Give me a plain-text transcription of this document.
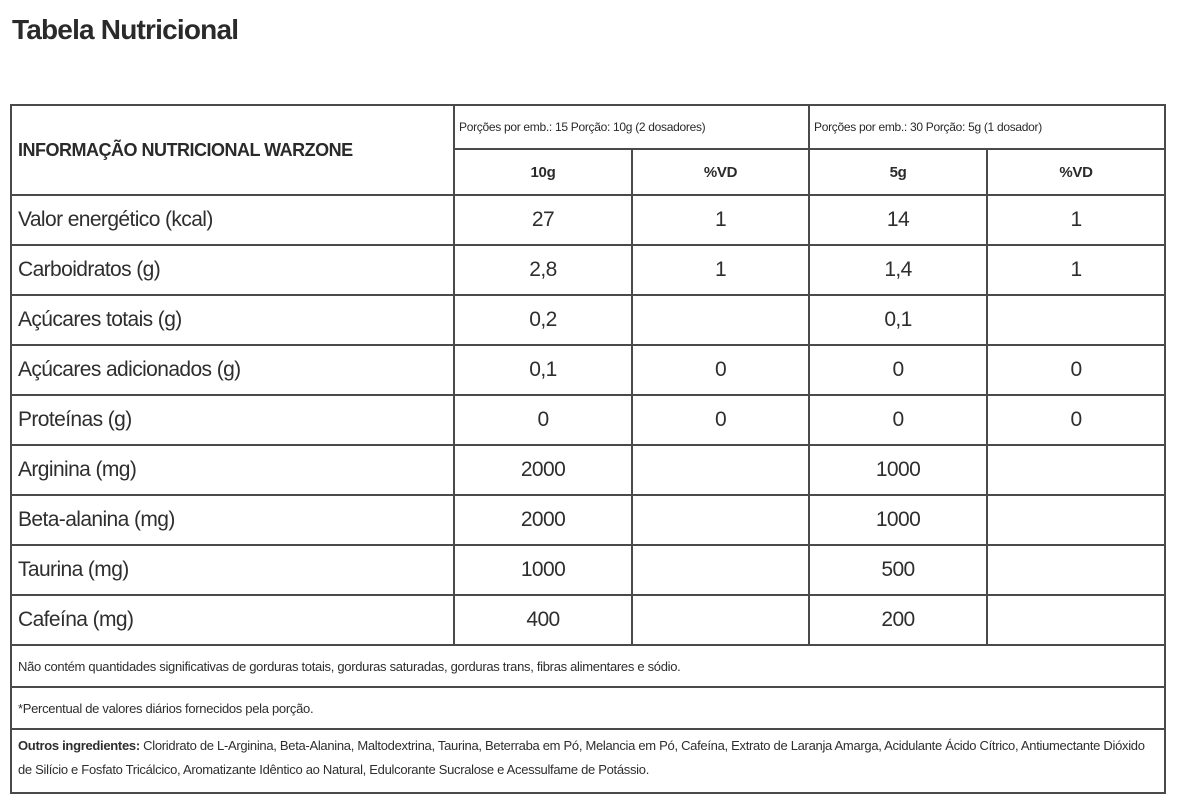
Tabela Nutricional
INFORMAÇÃO NUTRICIONAL WARZONE	Porções por emb.: 15 Porção: 10g (2 dosadores)		Porções por emb.: 30 Porção: 5g (1 dosador)	
	10g	%VD	5g	%VD
Valor energético (kcal)	27	1	14	1
Carboidratos (g)	2,8	1	1,4	1
Açúcares totais (g)	0,2		0,1	
Açúcares adicionados (g)	0,1	0	0	0
Proteínas (g)	0	0	0	0
Arginina (mg)	2000		1000	
Beta-alanina (mg)	2000		1000	
Taurina (mg)	1000		500	
Cafeína (mg)	400		200	
Não contém quantidades significativas de gorduras totais, gorduras saturadas, gorduras trans, fibras alimentares e sódio.				
*Percentual de valores diários fornecidos pela porção.				
Outros ingredientes: Cloridrato de L-Arginina, Beta-Alanina, Maltodextrina, Taurina, Beterraba em Pó, Melancia em Pó, Cafeína, Extrato de Laranja Amarga, Acidulante Ácido Cítrico, Antiumectante Dióxido de Silício e Fosfato Tricálcico, Aromatizante Idêntico ao Natural, Edulcorante Sucralose e Acessulfame de Potássio.				
